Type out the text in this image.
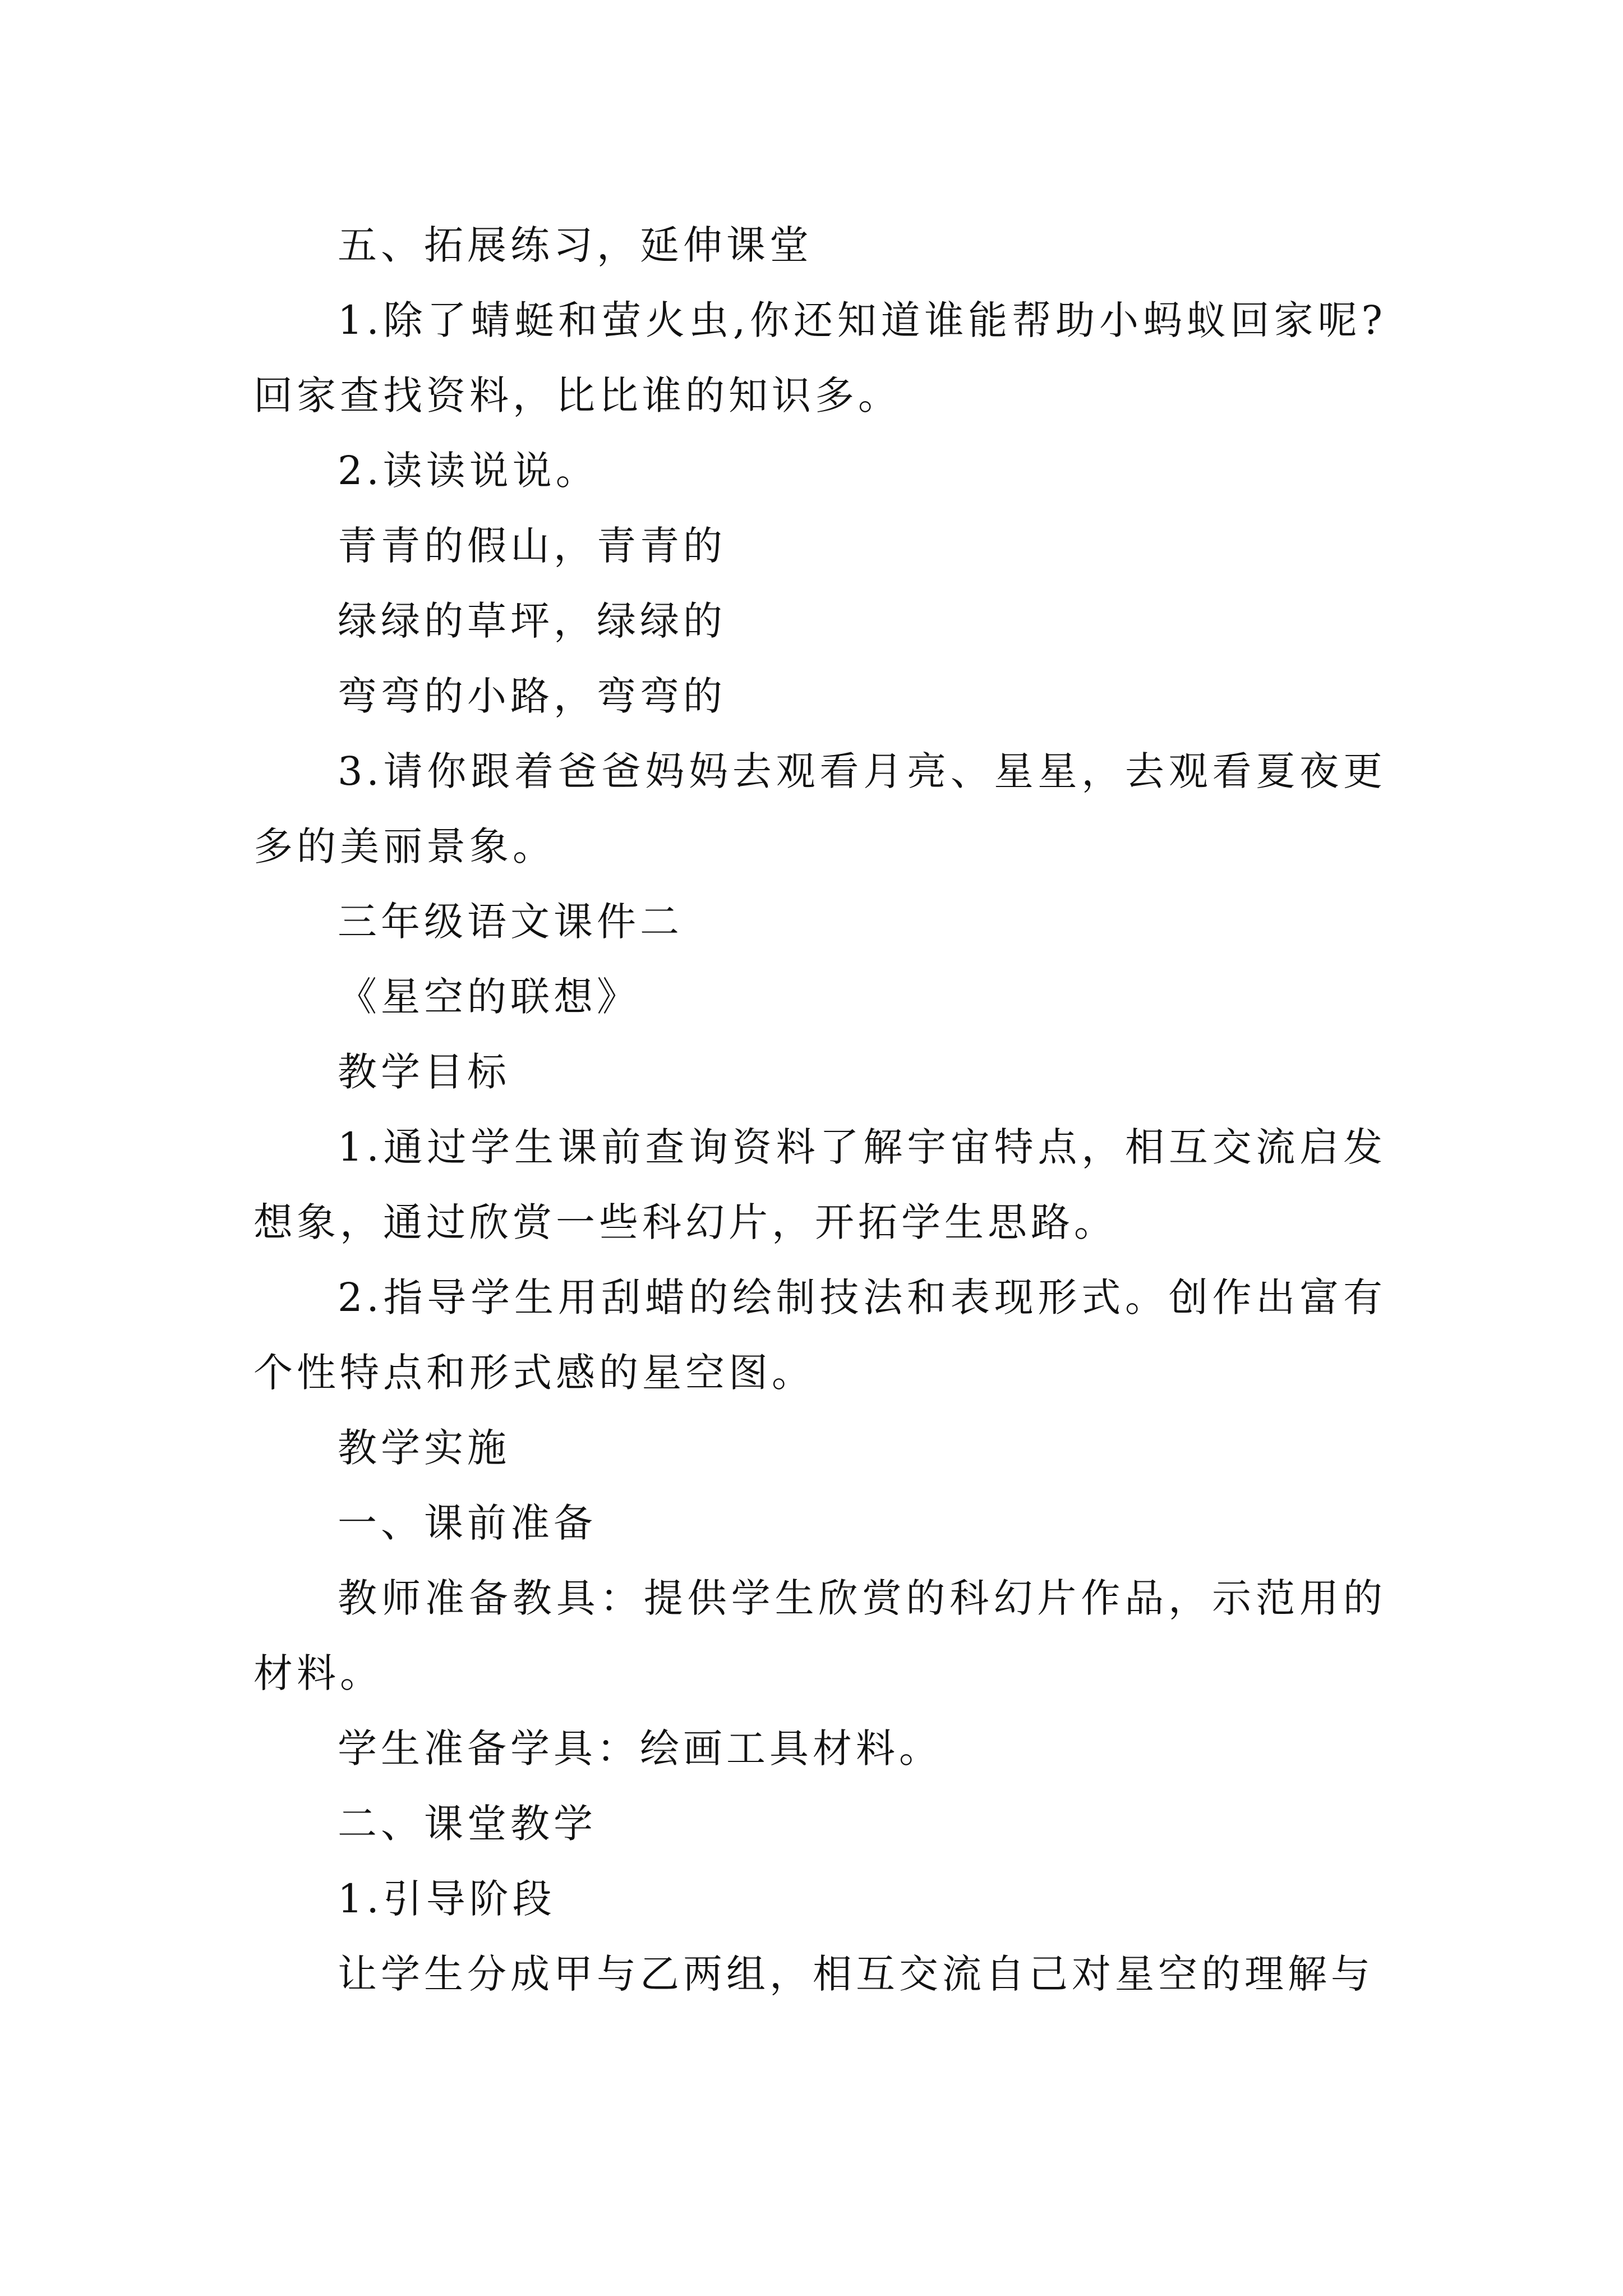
五、拓展练习，延伸课堂

1.除了蜻蜓和萤火虫,你还知道谁能帮助小蚂蚁回家呢?回家查找资料，比比谁的知识多。

2.读读说说。

青青的假山，青青的

绿绿的草坪，绿绿的

弯弯的小路，弯弯的

3.请你跟着爸爸妈妈去观看月亮、星星，去观看夏夜更多的美丽景象。

三年级语文课件二

《星空的联想》

教学目标

1.通过学生课前查询资料了解宇宙特点，相互交流启发想象，通过欣赏一些科幻片，开拓学生思路。

2.指导学生用刮蜡的绘制技法和表现形式。创作出富有个性特点和形式感的星空图。

教学实施

一、课前准备

教师准备教具：提供学生欣赏的科幻片作品，示范用的材料。

学生准备学具：绘画工具材料。

二、课堂教学

1.引导阶段

让学生分成甲与乙两组，相互交流自己对星空的理解与
